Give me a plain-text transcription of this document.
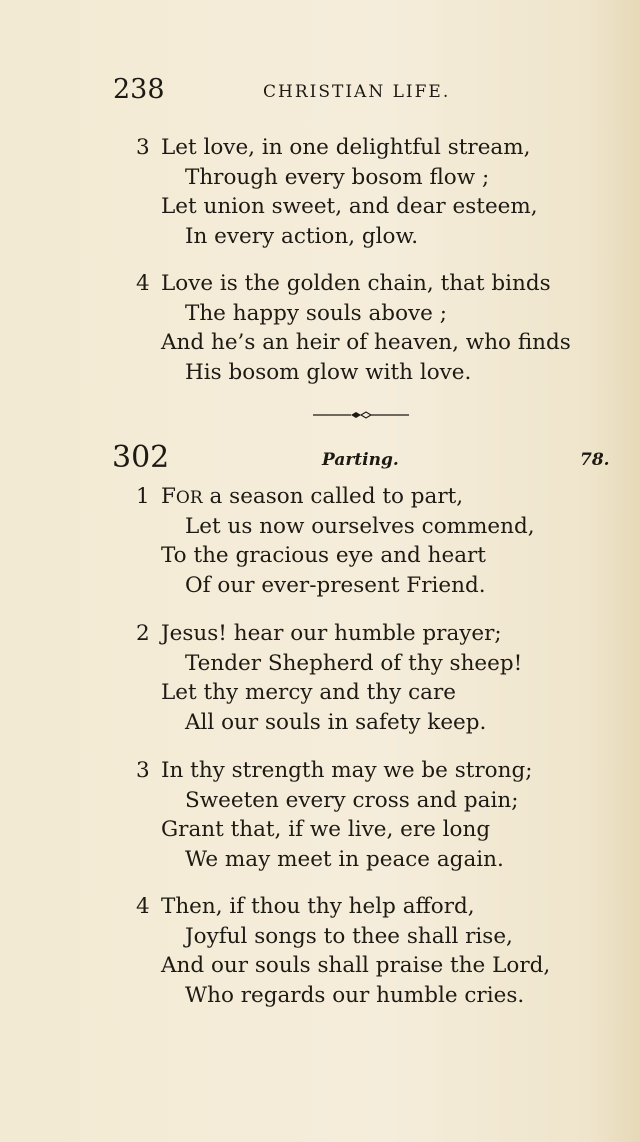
238	CHRISTIAN LIFE.
3 Let love, in one delightful stream,
Through every bosom flow ;
Let union sweet, and dear esteem,
In every action, glow.
4 Love is the golden chain, that binds
The happy souls above ;
And he’s an heir of heaven, who finds
His bosom glow with love.
302	Parting.	78.
1 FOR a season called to part,
Let us now ourselves commend,
To the gracious eye and heart
Of our ever-present Friend.
2 Jesus! hear our humble prayer;
Tender Shepherd of thy sheep!
Let thy mercy and thy care
All our souls in safety keep.
3 In thy strength may we be strong;
Sweeten every cross and pain;
Grant that, if we live, ere long
We may meet in peace again.
4 Then, if thou thy help afford,
Joyful songs to thee shall rise,
And our souls shall praise the Lord,
Who regards our humble cries.
